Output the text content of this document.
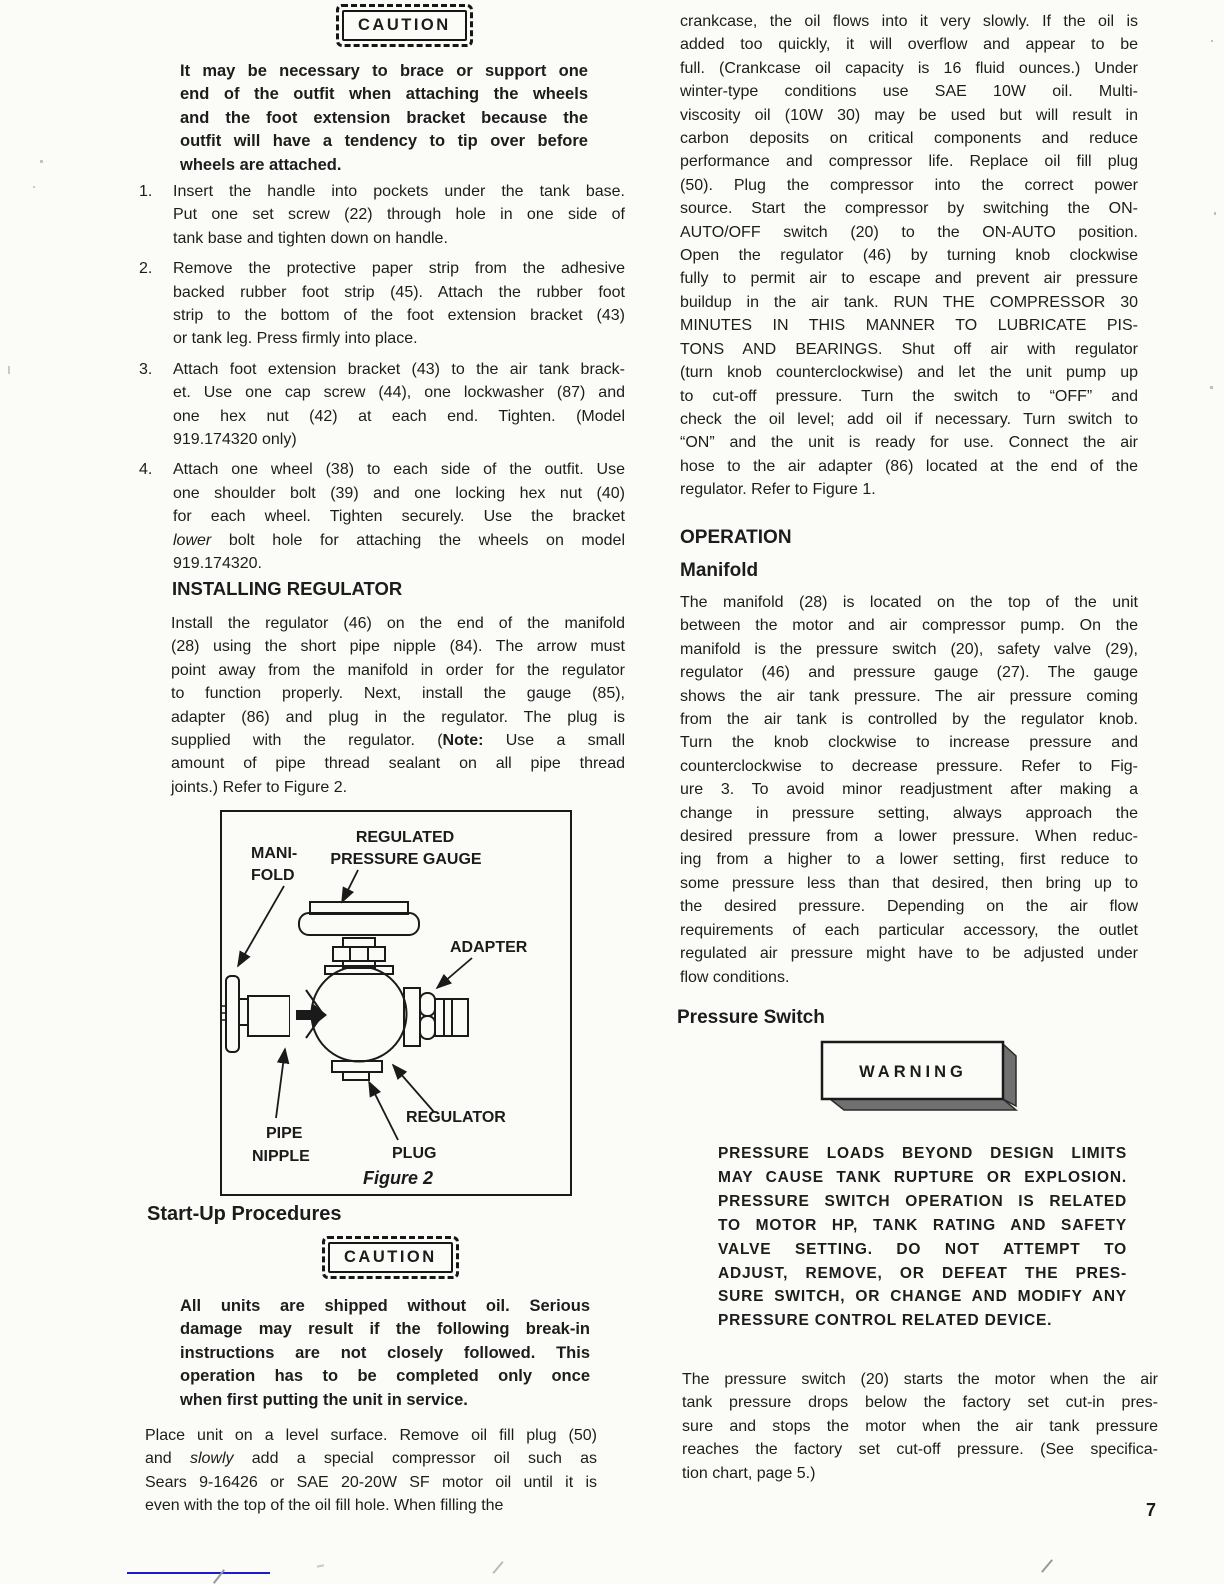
CAUTION
It may be necessary to brace or support one
end of the outfit when attaching the wheels
and the foot extension bracket because the
outfit will have a tendency to tip over before
wheels are attached.
1. Insert the handle into pockets under the tank base.
Put one set screw (22) through hole in one side of
tank base and tighten down on handle.
2. Remove the protective paper strip from the adhesive
backed rubber foot strip (45). Attach the rubber foot
strip to the bottom of the foot extension bracket (43)
or tank leg. Press firmly into place.
3. Attach foot extension bracket (43) to the air tank brack-
et. Use one cap screw (44), one lockwasher (87) and
one hex nut (42) at each end. Tighten. (Model
919.174320 only)
4. Attach one wheel (38) to each side of the outfit. Use
one shoulder bolt (39) and one locking hex nut (40)
for each wheel. Tighten securely. Use the bracket
lower bolt hole for attaching the wheels on model
919.174320.
INSTALLING REGULATOR
Install the regulator (46) on the end of the manifold
(28) using the short pipe nipple (84). The arrow must
point away from the manifold in order for the regulator
to function properly. Next, install the gauge (85),
adapter (86) and plug in the regulator. The plug is
supplied with the regulator. (Note: Use a small
amount of pipe thread sealant on all pipe thread
joints.) Refer to Figure 2.
MANI-
FOLD
REGULATED
PRESSURE GAUGE
ADAPTER
PIPE
NIPPLE	PLUG
REGULATOR
Figure 2
Start-Up Procedures
CAUTION
All units are shipped without oil. Serious
damage may result if the following break-in
instructions are not closely followed. This
operation has to be completed only once
when first putting the unit in service.
Place unit on a level surface. Remove oil fill plug (50)
and slowly add a special compressor oil such as
Sears 9-16426 or SAE 20-20W SF motor oil until it is
even with the top of the oil fill hole. When filling the
crankcase, the oil flows into it very slowly. If the oil is
added too quickly, it will overflow and appear to be
full. (Crankcase oil capacity is 16 fluid ounces.) Under
winter-type conditions use SAE 10W oil. Multi-
viscosity oil (10W 30) may be used but will result in
carbon deposits on critical components and reduce
performance and compressor life. Replace oil fill plug
(50). Plug the compressor into the correct power
source. Start the compressor by switching the ON-
AUTO/OFF switch (20) to the ON-AUTO position.
Open the regulator (46) by turning knob clockwise
fully to permit air to escape and prevent air pressure
buildup in the air tank. RUN THE COMPRESSOR 30
MINUTES IN THIS MANNER TO LUBRICATE PIS-
TONS AND BEARINGS. Shut off air with regulator
(turn knob counterclockwise) and let the unit pump up
to cut-off pressure. Turn the switch to “OFF” and
check the oil level; add oil if necessary. Turn switch to
“ON” and the unit is ready for use. Connect the air
hose to the air adapter (86) located at the end of the
regulator. Refer to Figure 1.
OPERATION
Manifold
The manifold (28) is located on the top of the unit
between the motor and air compressor pump. On the
manifold is the pressure switch (20), safety valve (29),
regulator (46) and pressure gauge (27). The gauge
shows the air tank pressure. The air pressure coming
from the air tank is controlled by the regulator knob.
Turn the knob clockwise to increase pressure and
counterclockwise to decrease pressure. Refer to Fig-
ure 3. To avoid minor readjustment after making a
change in pressure setting, always approach the
desired pressure from a lower pressure. When reduc-
ing from a higher to a lower setting, first reduce to
some pressure less than that desired, then bring up to
the desired pressure. Depending on the air flow
requirements of each particular accessory, the outlet
regulated air pressure might have to be adjusted under
flow conditions.
Pressure Switch
WARNING
PRESSURE LOADS BEYOND DESIGN LIMITS
MAY CAUSE TANK RUPTURE OR EXPLOSION.
PRESSURE SWITCH OPERATION IS RELATED
TO MOTOR HP, TANK RATING AND SAFETY
VALVE SETTING. DO NOT ATTEMPT TO
ADJUST, REMOVE, OR DEFEAT THE PRES-
SURE SWITCH, OR CHANGE AND MODIFY ANY
PRESSURE CONTROL RELATED DEVICE.
The pressure switch (20) starts the motor when the air
tank pressure drops below the factory set cut-in pres-
sure and stops the motor when the air tank pressure
reaches the factory set cut-off pressure. (See specifica-
tion chart, page 5.)
7
